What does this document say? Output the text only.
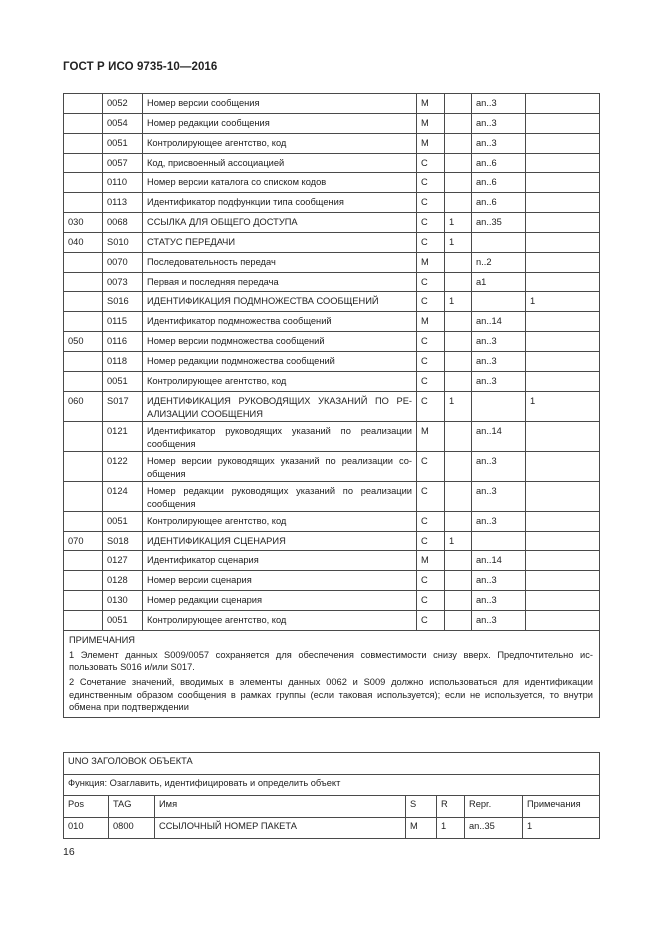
ГОСТ Р ИСО 9735-10—2016
	0052	Номер версии сообщения	M		an..3	
	0054	Номер редакции сообщения	M		an..3	
	0051	Контролирующее агентство, код	M		an..3	
	0057	Код, присвоенный ассоциацией	C		an..6	
	0110	Номер версии каталога со списком кодов	C		an..6	
	0113	Идентификатор подфункции типа сообщения	C		an..6	
030	0068	ССЫЛКА ДЛЯ ОБЩЕГО ДОСТУПА	C	1	an..35	
040	S010	СТАТУС ПЕРЕДАЧИ	C	1		
	0070	Последовательность передач	M		n..2	
	0073	Первая и последняя передача	C		a1	
	S016	ИДЕНТИФИКАЦИЯ ПОДМНОЖЕСТВА СООБЩЕНИЙ	C	1		1
	0115	Идентификатор подмножества сообщений	M		an..14	
050	0116	Номер версии подмножества сообщений	C		an..3	
	0118	Номер редакции подмножества сообщений	C		an..3	
	0051	Контролирующее агентство, код	C		an..3	
060	S017	ИДЕНТИФИКАЦИЯ РУКОВОДЯЩИХ УКАЗАНИЙ ПО РЕАЛИЗАЦИИ СООБЩЕНИЯ	C	1		1
	0121	Идентификатор руководящих указаний по реализации сообщения	M		an..14	
	0122	Номер версии руководящих указаний по реализации сообщения	C		an..3	
	0124	Номер редакции руководящих указаний по реализации сообщения	C		an..3	
	0051	Контролирующее агентство, код	C		an..3	
070	S018	ИДЕНТИФИКАЦИЯ СЦЕНАРИЯ	C	1		
	0127	Идентификатор сценария	M		an..14	
	0128	Номер версии сценария	C		an..3	
	0130	Номер редакции сценария	C		an..3	
	0051	Контролирующее агентство, код	C		an..3	

ПРИМЕЧАНИЯ

1 Элемент данных S009/0057 сохраняется для обеспечения совместимости снизу вверх. Предпочтительно использовать S016 и/или S017.

2 Сочетание значений, вводимых в элементы данных 0062 и S009 должно использоваться для идентификации единственным образом сообщения в рамках группы (если таковая используется); если не используется, то внутри обмена при подтверждении						

UNO ЗАГОЛОВОК ОБЪЕКТА						
Функция: Озаглавить, идентифицировать и определить объект						
Pos	TAG	Имя	S	R	Repr.	Примечания
010	0800	ССЫЛОЧНЫЙ НОМЕР ПАКЕТА	M	1	an..35	1
16
